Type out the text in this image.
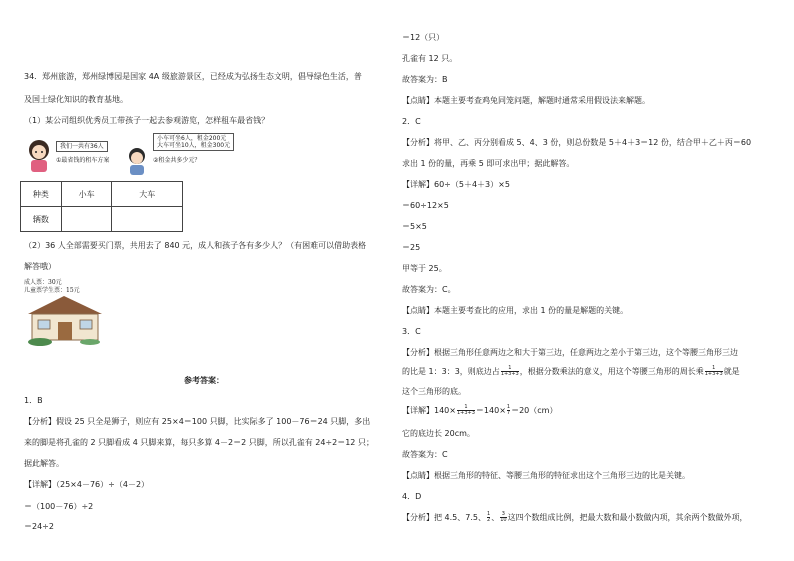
34．郑州旅游，郑州绿博园是国家 4A 级旅游景区，已经成为弘扬生态文明，倡导绿色生活，普
及国土绿化知识的教育基地。
（1）某公司组织优秀员工带孩子一起去参观游览，怎样租车最省钱？
我们一共有36人
①最省钱的租车方案
小车可坐6人，租金200元
大车可坐10人，租金300元
②租金共多少元？
种类	小车	大车
辆数		
（2）36 人全部需要买门票，共用去了 840 元，成人和孩子各有多少人？（有困难可以借助表格
解答哦）
成人票：30元
儿童票学生票：15元
参考答案：
1．B
【分析】假设 25 只全是狮子，则应有 25×4＝100 只脚，比实际多了 100－76＝24 只脚，多出
来的脚是将孔雀的 2 只脚看成 4 只脚来算，每只多算 4－2＝2 只脚，所以孔雀有 24÷2＝12 只；
据此解答。
【详解】（25×4－76）÷（4－2）
＝（100－76）÷2
＝24÷2
＝12（只）
孔雀有 12 只。
故答案为：B
【点睛】本题主要考查鸡兔同笼问题，解题时通常采用假设法来解题。
2．C
【分析】将甲、乙、丙分别看成 5、4、3 份，则总份数是 5＋4＋3＝12 份，结合甲＋乙＋丙＝60
求出 1 份的量，再乘 5 即可求出甲；据此解答。
【详解】60÷（5＋4＋3）×5
＝60÷12×5
＝5×5
＝25
甲等于 25。
故答案为：C。
【点睛】本题主要考查比的应用，求出 1 份的量是解题的关键。
3．C
【分析】根据三角形任意两边之和大于第三边，任意两边之差小于第三边，这个等腰三角形三边
的比是 1：3：3，则底边占 $\frac{1}{1+3+3}$ ，根据分数乘法的意义，用这个等腰三角形的周长乘 $\frac{1}{1+3+3}$ 就是
这个三角形的底。
【详解】$140\times \frac{1}{1+3+3} =140\times \frac{1}{7} =20(cm)$
它的底边长 20cm。
故答案为：C
【点睛】根据三角形的特征、等腰三角形的特征求出这个三角形三边的比是关键。
4．D
【分析】把 4.5、7.5、 $\frac{1}{2}$ 、 $\frac{3}{10}$ 这四个数组成比例，把最大数和最小数做内项，其余两个数做外项，
